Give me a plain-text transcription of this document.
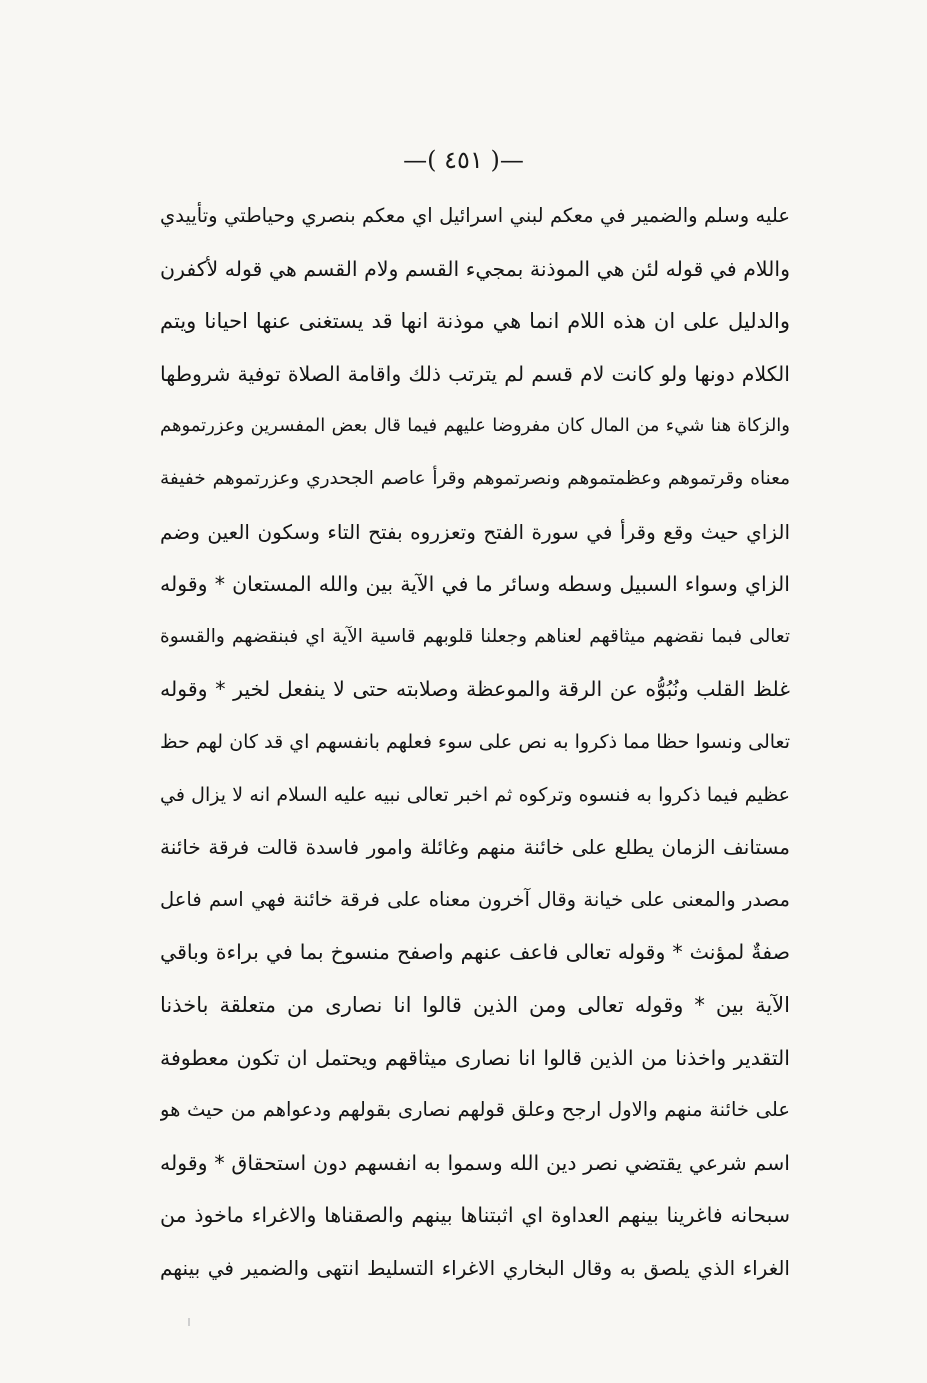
—( ٤٥١ )—
عليه وسلم والضمير في معكم لبني اسرائيل اي معكم بنصري وحياطتي وتأييدي
واللام في قوله لئن هي الموذنة بمجيء القسم ولام القسم هي قوله لأكفرن
والدليل على ان هذه اللام انما هي موذنة انها قد يستغنى عنها احيانا ويتم
الكلام دونها ولو كانت لام قسم لم يترتب ذلك واقامة الصلاة توفية شروطها
والزكاة هنا شيء من المال كان مفروضا عليهم فيما قال بعض المفسرين وعزرتموهم
معناه وقرتموهم وعظمتموهم ونصرتموهم وقرأ عاصم الجحدري وعزرتموهم خفيفة
الزاي حيث وقع وقرأ في سورة الفتح وتعزروه بفتح التاء وسكون العين وضم
الزاي وسواء السبيل وسطه وسائر ما في الآية بين والله المستعان * وقوله
تعالى فبما نقضهم ميثاقهم لعناهم وجعلنا قلوبهم قاسية الآية اي فبنقضهم والقسوة
غلظ القلب ونُبُوُّه عن الرقة والموعظة وصلابته حتى لا ينفعل لخير * وقوله
تعالى ونسوا حظا مما ذكروا به نص على سوء فعلهم بانفسهم اي قد كان لهم حظ
عظيم فيما ذكروا به فنسوه وتركوه ثم اخبر تعالى نبيه عليه السلام انه لا يزال في
مستانف الزمان يطلع على خائنة منهم وغائلة وامور فاسدة قالت فرقة خائنة
مصدر والمعنى على خيانة وقال آخرون معناه على فرقة خائنة فهي اسم فاعل
صفةٌ لمؤنث * وقوله تعالى فاعف عنهم واصفح منسوخ بما في براءة وباقي
الآية بين * وقوله تعالى ومن الذين قالوا انا نصارى من متعلقة باخذنا
التقدير واخذنا من الذين قالوا انا نصارى ميثاقهم ويحتمل ان تكون معطوفة
على خائنة منهم والاول ارجح وعلق قولهم نصارى بقولهم ودعواهم من حيث هو
اسم شرعي يقتضي نصر دين الله وسموا به انفسهم دون استحقاق * وقوله
سبحانه فاغرينا بينهم العداوة اي اثبتناها بينهم والصقناها والاغراء ماخوذ من
الغراء الذي يلصق به وقال البخاري الاغراء التسليط انتهى والضمير في بينهم
